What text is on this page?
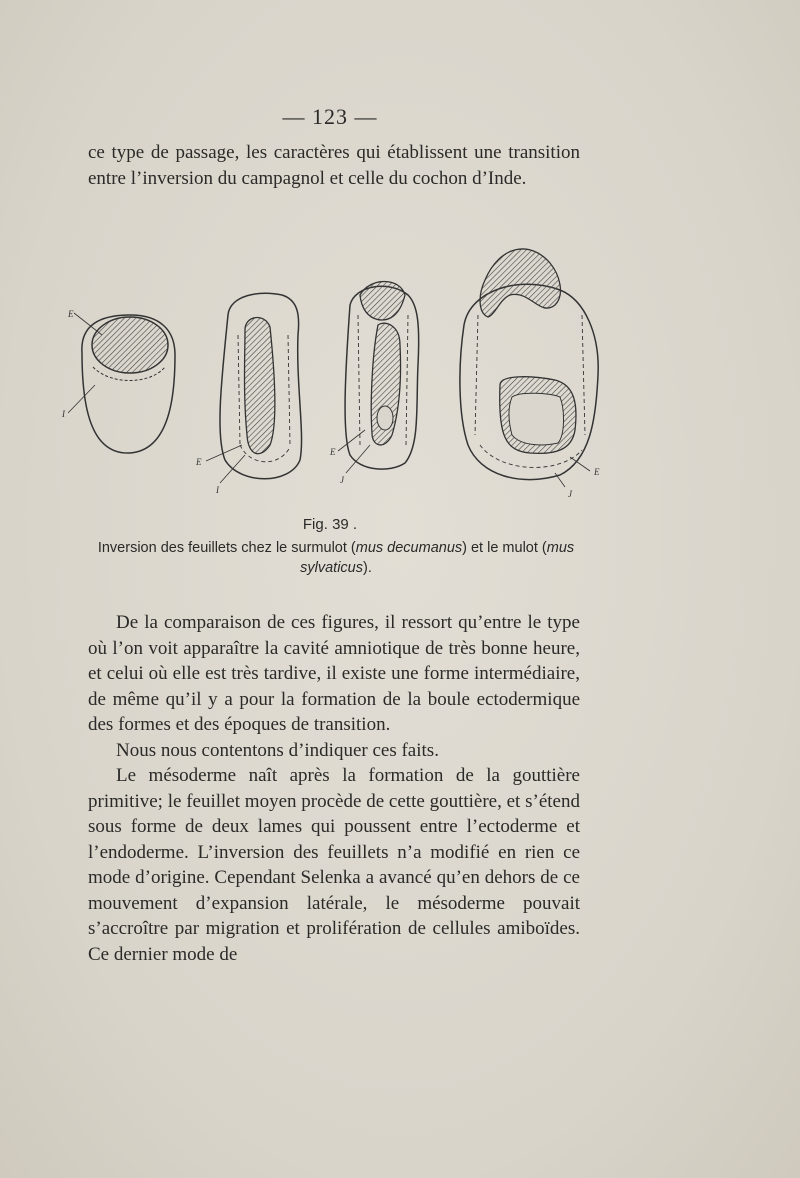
— 123 —

ce type de passage, les caractères qui établissent une transition entre l’inversion du campagnol et celle du cochon d’Inde.

E
I
E
I
E
J
E
J
Fig. 39 .
Inversion des feuillets chez le surmulot (mus decumanus) et le mulot (mus sylvaticus).

De la comparaison de ces figures, il ressort qu’entre le type où l’on voit apparaître la cavité amniotique de très bonne heure, et celui où elle est très tardive, il existe une forme intermédiaire, de même qu’il y a pour la formation de la boule ectodermique des formes et des époques de transition.

Nous nous contentons d’indiquer ces faits.

Le mésoderme naît après la formation de la gouttière primitive; le feuillet moyen procède de cette gouttière, et s’étend sous forme de deux lames qui poussent entre l’ectoderme et l’endoderme. L’inversion des feuillets n’a modifié en rien ce mode d’origine. Cependant Selenka a avancé qu’en dehors de ce mouvement d’expansion latérale, le mésoderme pouvait s’accroître par migration et prolifération de cellules amiboïdes. Ce dernier mode de
